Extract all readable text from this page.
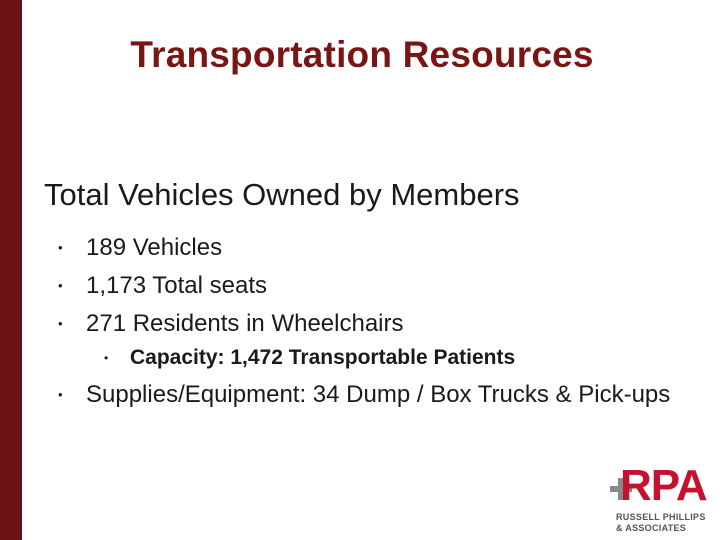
Transportation Resources
Total Vehicles Owned by Members
• 189 Vehicles
• 1,173 Total seats
• 271 Residents in Wheelchairs
• Capacity: 1,472 Transportable Patients
• Supplies/Equipment: 34 Dump / Box Trucks & Pick-ups
RPA
RUSSELL PHILLIPS
& ASSOCIATES
